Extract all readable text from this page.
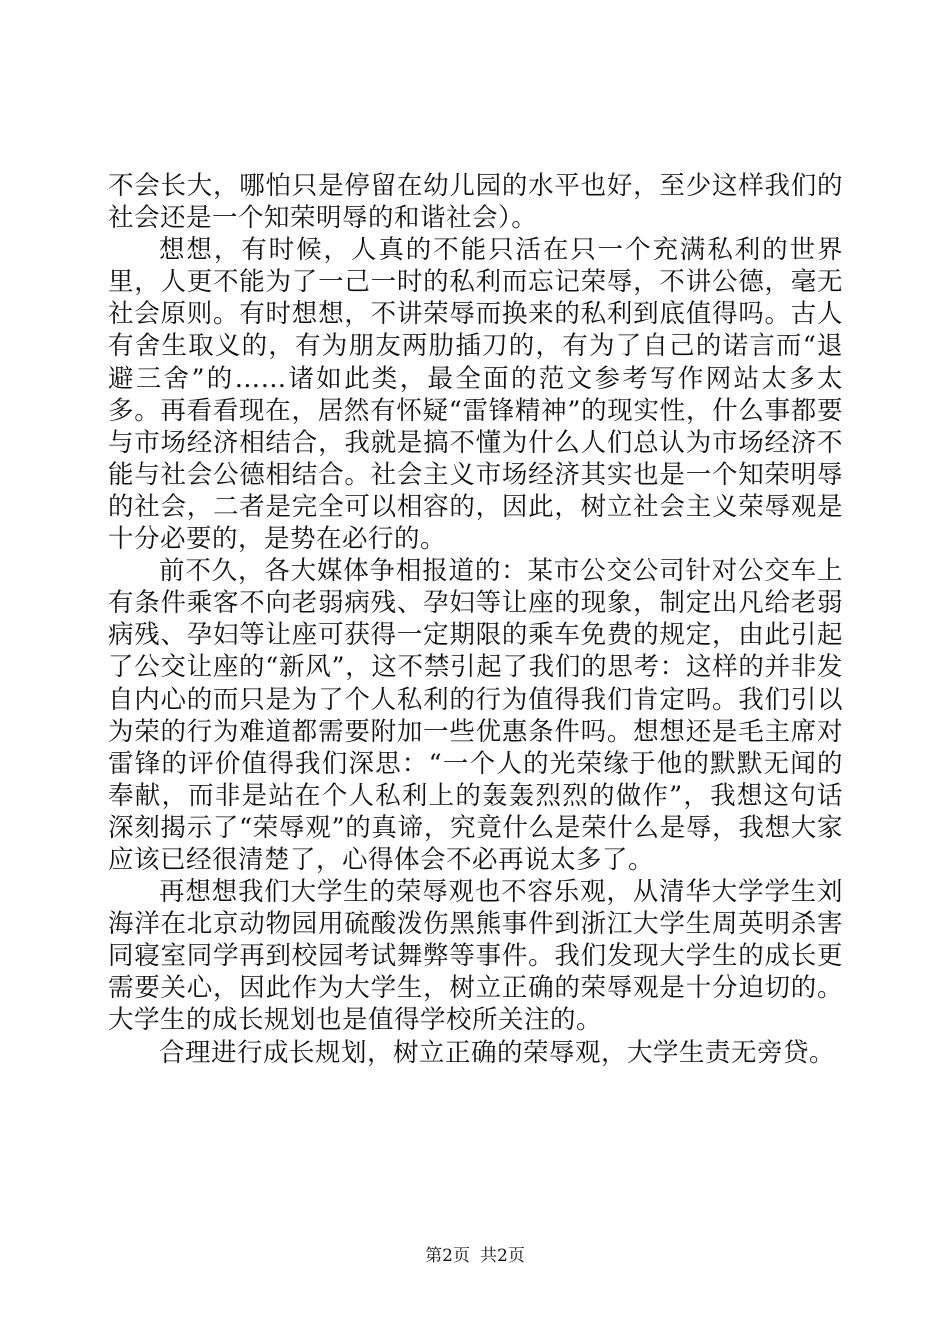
不会长大，哪怕只是停留在幼儿园的水平也好，至少这样我们的社会还是一个知荣明辱的和谐社会）。

想想，有时候，人真的不能只活在只一个充满私利的世界里，人更不能为了一己一时的私利而忘记荣辱，不讲公德，毫无社会原则。有时想想，不讲荣辱而换来的私利到底值得吗。古人有舍生取义的，有为朋友两肋插刀的，有为了自己的诺言而“退避三舍”的……诸如此类，最全面的范文参考写作网站太多太多。再看看现在，居然有怀疑“雷锋精神”的现实性，什么事都要与市场经济相结合，我就是搞不懂为什么人们总认为市场经济不能与社会公德相结合。社会主义市场经济其实也是一个知荣明辱的社会，二者是完全可以相容的，因此，树立社会主义荣辱观是十分必要的，是势在必行的。

前不久，各大媒体争相报道的：某市公交公司针对公交车上有条件乘客不向老弱病残、孕妇等让座的现象，制定出凡给老弱病残、孕妇等让座可获得一定期限的乘车免费的规定，由此引起了公交让座的“新风”，这不禁引起了我们的思考：这样的并非发自内心的而只是为了个人私利的行为值得我们肯定吗。我们引以为荣的行为难道都需要附加一些优惠条件吗。想想还是毛主席对雷锋的评价值得我们深思：“一个人的光荣缘于他的默默无闻的奉献，而非是站在个人私利上的轰轰烈烈的做作”，我想这句话深刻揭示了“荣辱观”的真谛，究竟什么是荣什么是辱，我想大家应该已经很清楚了，心得体会不必再说太多了。

再想想我们大学生的荣辱观也不容乐观，从清华大学学生刘海洋在北京动物园用硫酸泼伤黑熊事件到浙江大学生周英明杀害同寝室同学再到校园考试舞弊等事件。我们发现大学生的成长更需要关心，因此作为大学生，树立正确的荣辱观是十分迫切的。大学生的成长规划也是值得学校所关注的。

合理进行成长规划，树立正确的荣辱观，大学生责无旁贷。

第2页 共2页
